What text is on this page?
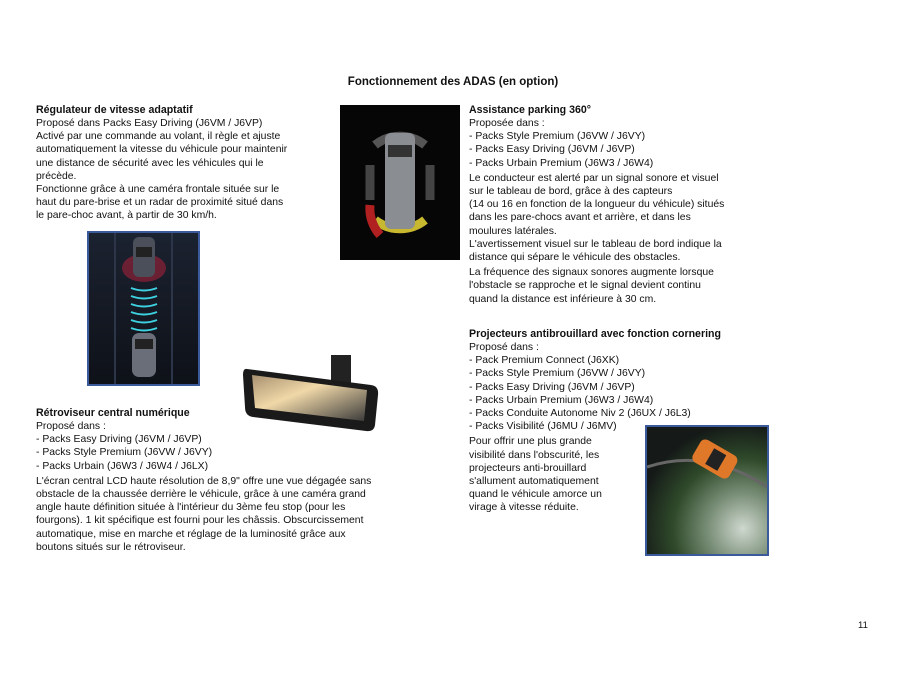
Fonctionnement des ADAS (en option)
Régulateur de vitesse adaptatif

Proposé dans Packs Easy Driving (J6VM / J6VP)

Activé par une commande au volant, il règle et ajuste

automatiquement la vitesse du véhicule pour maintenir

une distance de sécurité avec les véhicules qui le

précède.

Fonctionne grâce à une caméra frontale située sur le

haut du pare-brise et un radar de proximité situé dans

le pare-choc avant, à partir de 30 km/h.

Rétroviseur central numérique

Proposé dans :

- Packs Easy Driving (J6VM / J6VP)

- Packs Style Premium (J6VW / J6VY)

- Packs Urbain (J6W3 / J6W4 / J6LX)

L'écran central LCD haute résolution de 8,9" offre une vue dégagée sans

obstacle de la chaussée derrière le véhicule, grâce à une caméra grand

angle haute définition située à l'intérieur du 3ème feu stop (pour les

fourgons). 1 kit spécifique est fourni pour les châssis. Obscurcissement

automatique, mise en marche et réglage de la luminosité grâce aux

boutons situés sur le rétroviseur.

Assistance parking 360°

Proposée dans :

- Packs Style Premium (J6VW / J6VY)

- Packs Easy Driving (J6VM / J6VP)

- Packs Urbain Premium (J6W3 / J6W4)

Le conducteur est alerté par un signal sonore et visuel

sur le tableau de bord, grâce à des capteurs

(14 ou 16 en fonction de la longueur du véhicule) situés

dans les pare-chocs avant et arrière, et dans les

moulures latérales.

L'avertissement visuel sur le tableau de bord indique la

distance qui sépare le véhicule des obstacles.

La fréquence des signaux sonores augmente lorsque

l'obstacle se rapproche et le signal devient continu

quand la distance est inférieure à 30 cm.

Projecteurs antibrouillard avec fonction cornering

Proposé dans :

- Pack Premium Connect (J6XK)

- Packs Style Premium (J6VW / J6VY)

- Packs Easy Driving (J6VM / J6VP)

- Packs Urbain Premium (J6W3 / J6W4)

- Packs Conduite Autonome Niv 2 (J6UX / J6L3)

- Packs Visibilité (J6MU / J6MV)

Pour offrir une plus grande

visibilité dans l'obscurité, les

projecteurs anti-brouillard

s'allument automatiquement

quand le véhicule amorce un

virage à vitesse réduite.

11
